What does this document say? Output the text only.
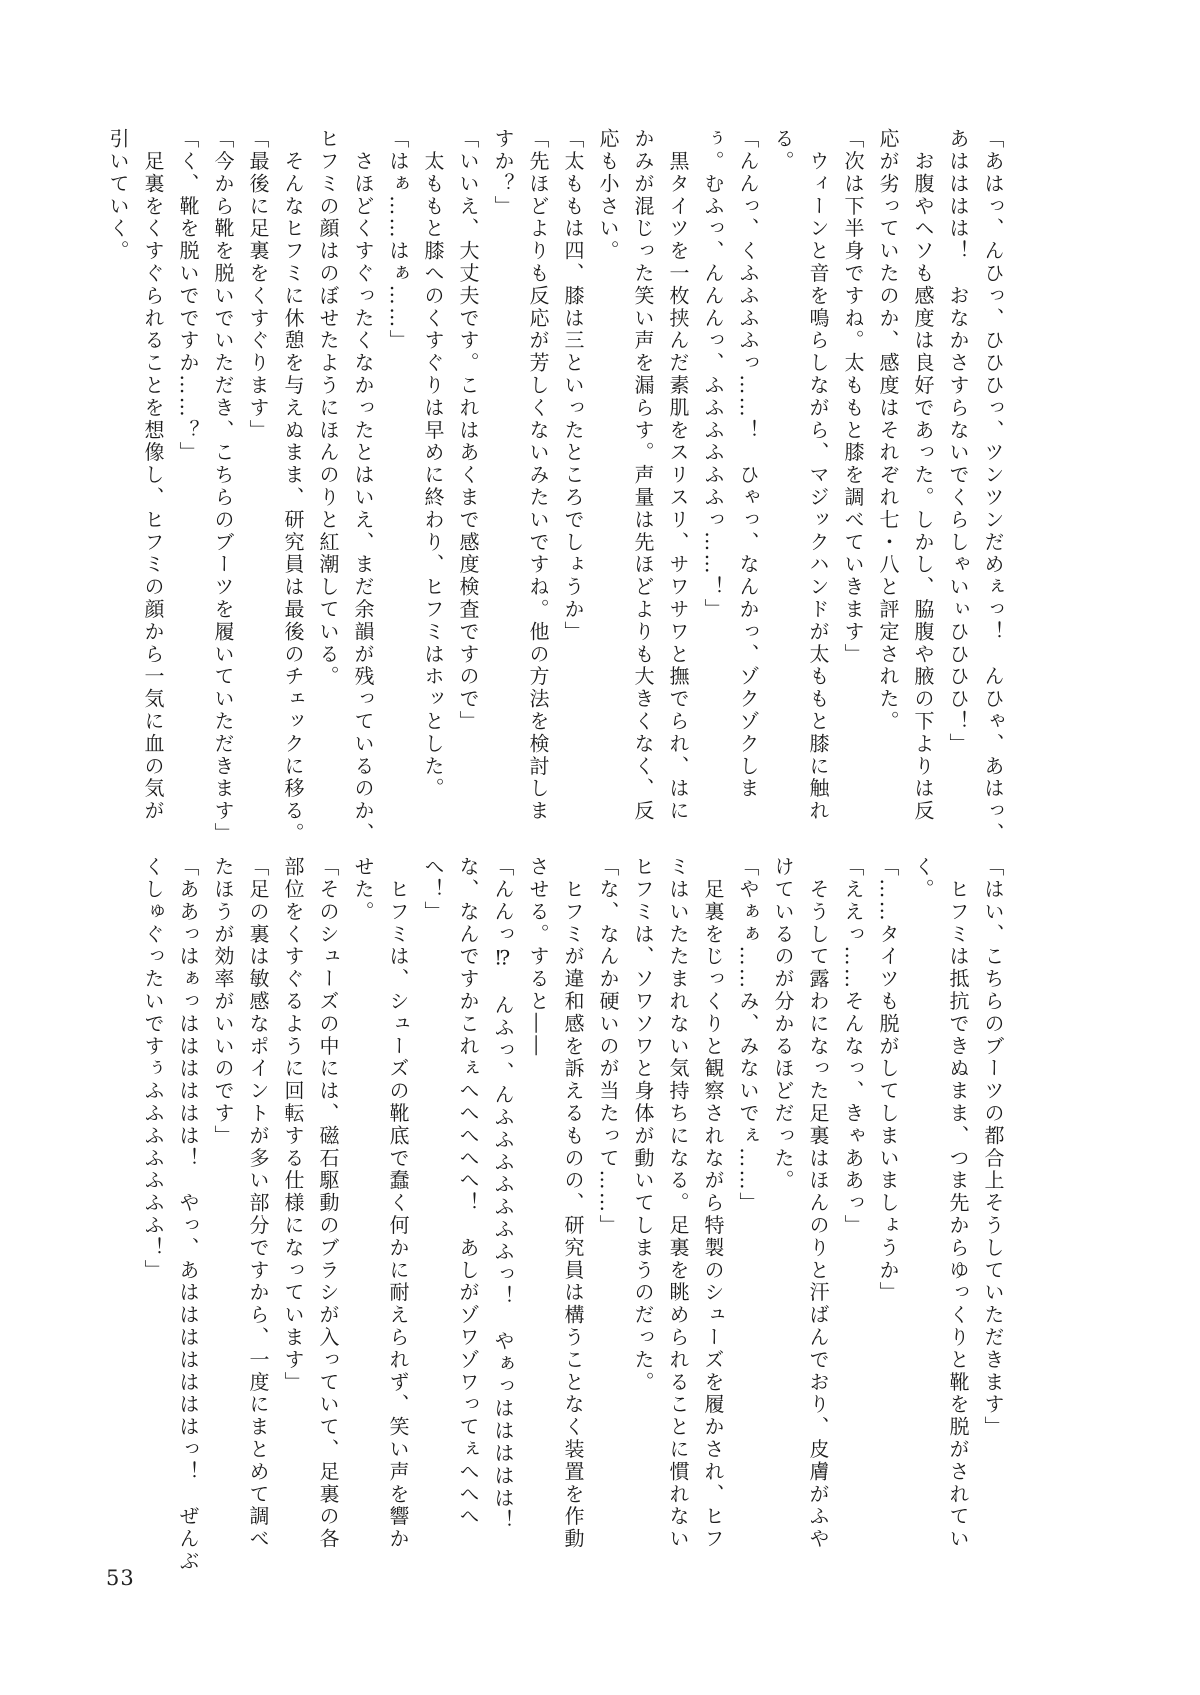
「あはっ、んひっ、ひひひっ、ツンツンだめぇっ！　んひゃ、あはっ、
あはははは！　おなかさすらないでくらしゃいぃひひひひ！」
　お腹やヘソも感度は良好であった。しかし、脇腹や腋の下よりは反
応が劣っていたのか、感度はそれぞれ七・八と評定された。
「次は下半身ですね。太ももと膝を調べていきます」
　ウィーンと音を鳴らしながら、マジックハンドが太ももと膝に触れ
る。
「んんっ、くふふふふっ……！　ひゃっ、なんかっ、ゾクゾクしま
ぅ。むふっ、んんんっ、ふふふふふふっ……！」
　黒タイツを一枚挟んだ素肌をスリスリ、サワサワと撫でられ、はに
かみが混じった笑い声を漏らす。声量は先ほどよりも大きくなく、反
応も小さい。
「太ももは四、膝は三といったところでしょうか」
「先ほどよりも反応が芳しくないみたいですね。他の方法を検討しま
すか？」
「いいえ、大丈夫です。これはあくまで感度検査ですので」
　太ももと膝へのくすぐりは早めに終わり、ヒフミはホッとした。
「はぁ……はぁ……」
　さほどくすぐったくなかったとはいえ、まだ余韻が残っているのか、
ヒフミの顔はのぼせたようにほんのりと紅潮している。
　そんなヒフミに休憩を与えぬまま、研究員は最後のチェックに移る。
「最後に足裏をくすぐります」
「今から靴を脱いでいただき、こちらのブーツを履いていただきます」
「く、靴を脱いでですか……？」
　足裏をくすぐられることを想像し、ヒフミの顔から一気に血の気が
引いていく。
「はい、こちらのブーツの都合上そうしていただきます」
　ヒフミは抵抗できぬまま、つま先からゆっくりと靴を脱がされてい
く。
「……タイツも脱がしてしまいましょうか」
「ええっ……そんなっ、きゃああっ」
　そうして露わになった足裏はほんのりと汗ばんでおり、皮膚がふや
けているのが分かるほどだった。
「やぁぁ……み、みないでぇ……」
　足裏をじっくりと観察されながら特製のシューズを履かされ、ヒフ
ミはいたたまれない気持ちになる。足裏を眺められることに慣れない
ヒフミは、ソワソワと身体が動いてしまうのだった。
「な、なんか硬いのが当たって……」
　ヒフミが違和感を訴えるものの、研究員は構うことなく装置を作動
させる。すると――
「んんっ⁉　んふっ、んふふふふふふふっ！　やぁっははははは！
な、なんですかこれぇへへへへへ！　あしがゾワゾワってぇへへへ
へ！」
　ヒフミは、シューズの靴底で蠢く何かに耐えられず、笑い声を響か
せた。
「そのシューズの中には、磁石駆動のブラシが入っていて、足裏の各
部位をくすぐるように回転する仕様になっています」
「足の裏は敏感なポイントが多い部分ですから、一度にまとめて調べ
たほうが効率がいいのです」
「ああっはぁっはははははは！　やっ、あはははははははっ！　ぜんぶ
くしゅぐったいですぅふふふふふふふ！」
53
